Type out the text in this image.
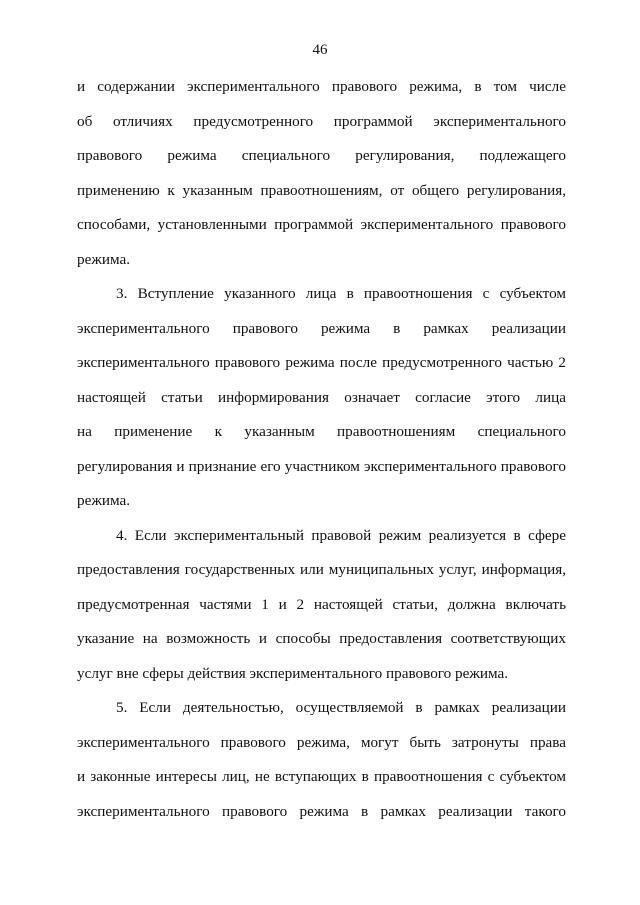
46
и содержании экспериментального правового режима, в том числе
об отличиях предусмотренного программой экспериментального
правового режима специального регулирования, подлежащего
применению к указанным правоотношениям, от общего регулирования,
способами, установленными программой экспериментального правового
режима.
3. Вступление указанного лица в правоотношения с субъектом
экспериментального правового режима в рамках реализации
экспериментального правового режима после предусмотренного частью 2
настоящей статьи информирования означает согласие этого лица
на применение к указанным правоотношениям специального
регулирования и признание его участником экспериментального правового
режима.
4. Если экспериментальный правовой режим реализуется в сфере
предоставления государственных или муниципальных услуг, информация,
предусмотренная частями 1 и 2 настоящей статьи, должна включать
указание на возможность и способы предоставления соответствующих
услуг вне сферы действия экспериментального правового режима.
5. Если деятельностью, осуществляемой в рамках реализации
экспериментального правового режима, могут быть затронуты права
и законные интересы лиц, не вступающих в правоотношения с субъектом
экспериментального правового режима в рамках реализации такого
